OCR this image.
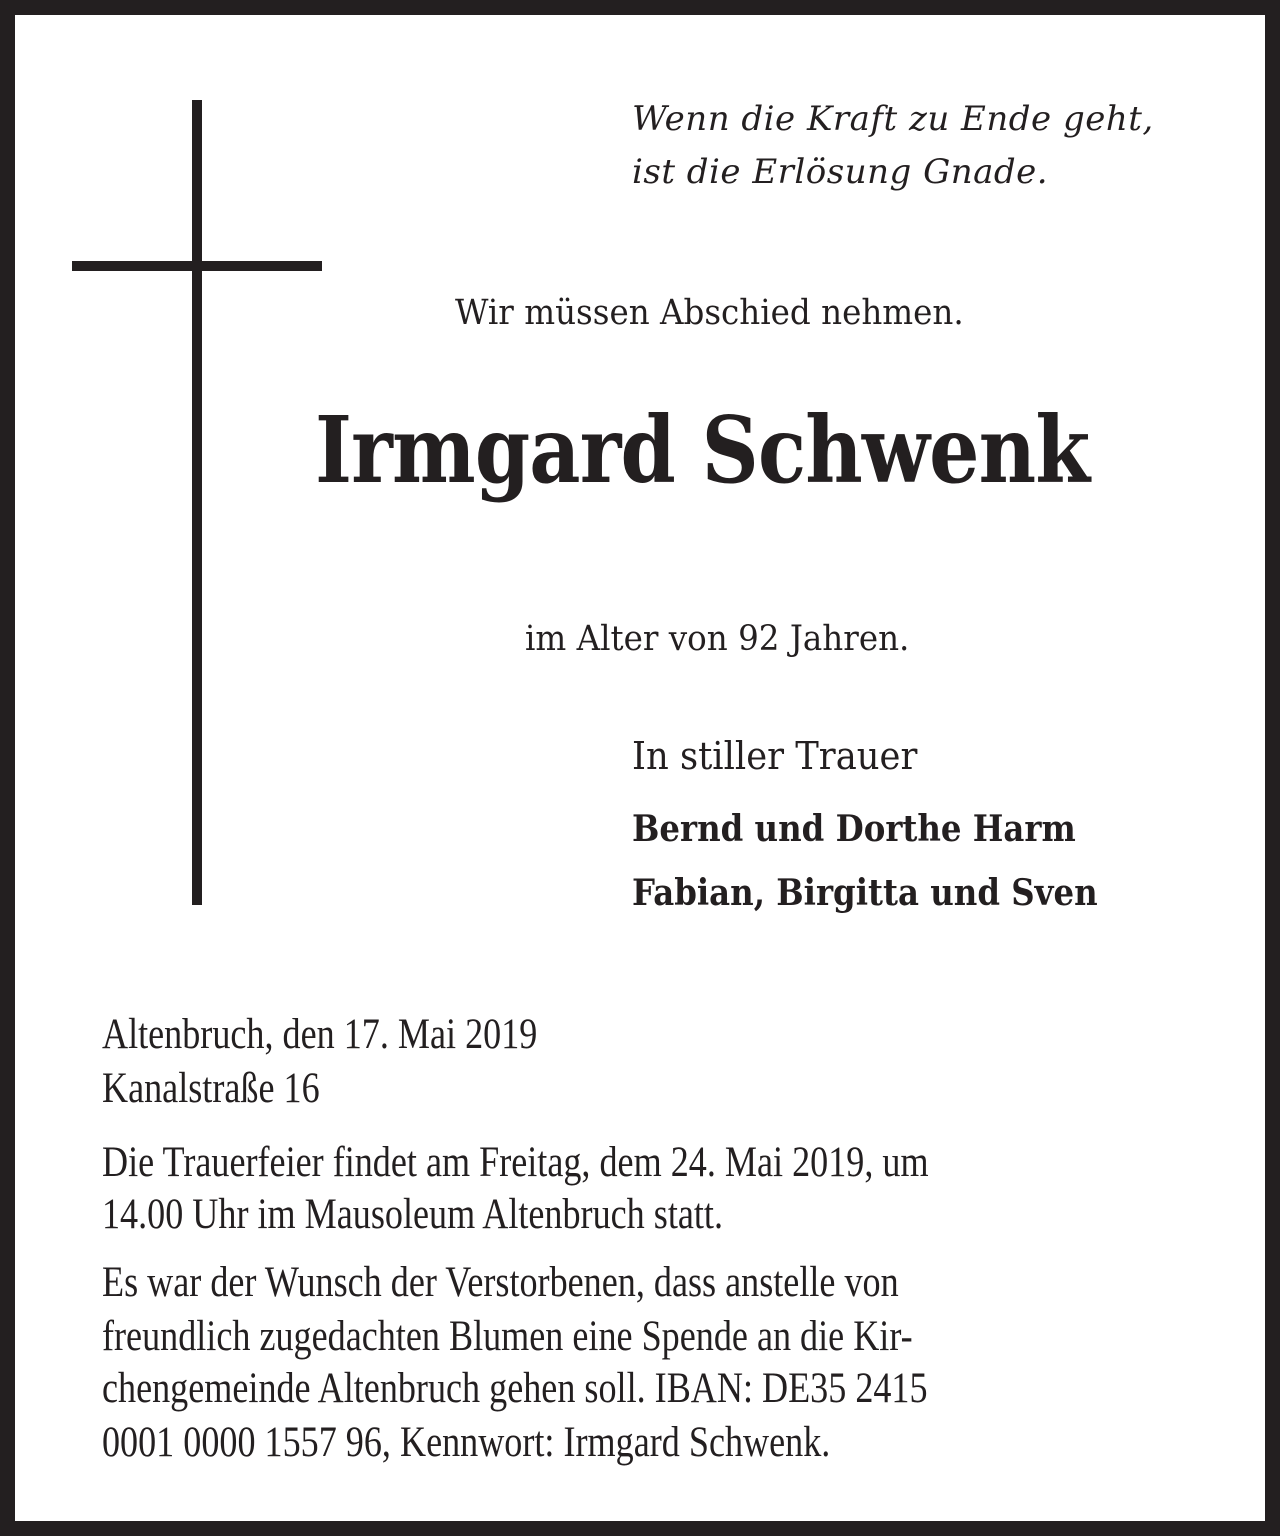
Wenn die Kraft zu Ende geht,
ist die Erlösung Gnade.
Wir müssen Abschied nehmen.
Irmgard Schwenk
im Alter von 92 Jahren.
In stiller Trauer
Bernd und Dorthe Harm
Fabian, Birgitta und Sven
Altenbruch, den 17. Mai 2019
Kanalstraße 16
Die Trauerfeier findet am Freitag, dem 24. Mai 2019, um
14.00 Uhr im Mausoleum Altenbruch statt.
Es war der Wunsch der Verstorbenen, dass anstelle von
freundlich zugedachten Blumen eine Spende an die Kir-
chengemeinde Altenbruch gehen soll. IBAN: DE35 2415
0001 0000 1557 96, Kennwort: Irmgard Schwenk.
